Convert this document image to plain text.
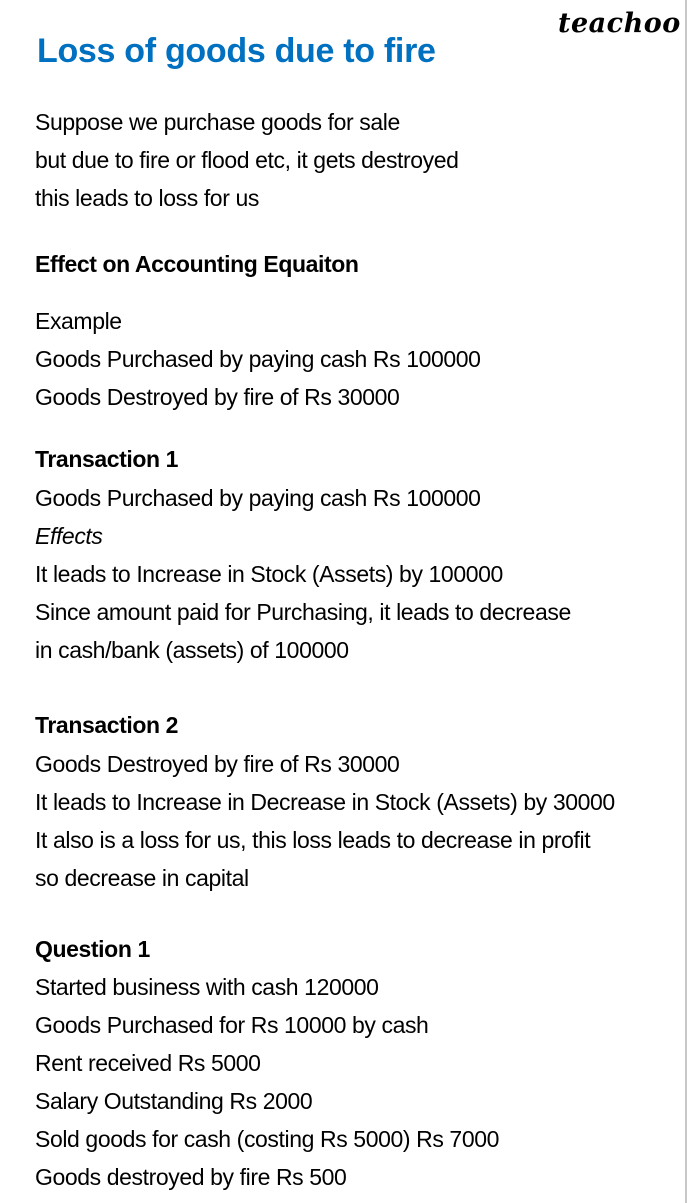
teachoo
Loss of goods due to fire
Suppose we purchase goods for sale
but due to fire or flood etc, it gets destroyed
this leads to loss for us
Effect on Accounting Equaiton
Example
Goods Purchased by paying cash Rs 100000
Goods Destroyed by fire of Rs 30000
Transaction 1
Goods Purchased by paying cash Rs 100000
Effects
It leads to Increase in Stock (Assets) by 100000
Since amount paid for Purchasing, it leads to decrease
in cash/bank (assets) of 100000
Transaction 2
Goods Destroyed by fire of Rs 30000
It leads to Increase in Decrease in Stock (Assets) by 30000
It also is a loss for us, this loss leads to decrease in profit
so decrease in capital
Question 1
Started business with cash 120000
Goods Purchased for Rs 10000 by cash
Rent received Rs 5000
Salary Outstanding Rs 2000
Sold goods for cash (costing Rs 5000) Rs 7000
Goods destroyed by fire Rs 500
